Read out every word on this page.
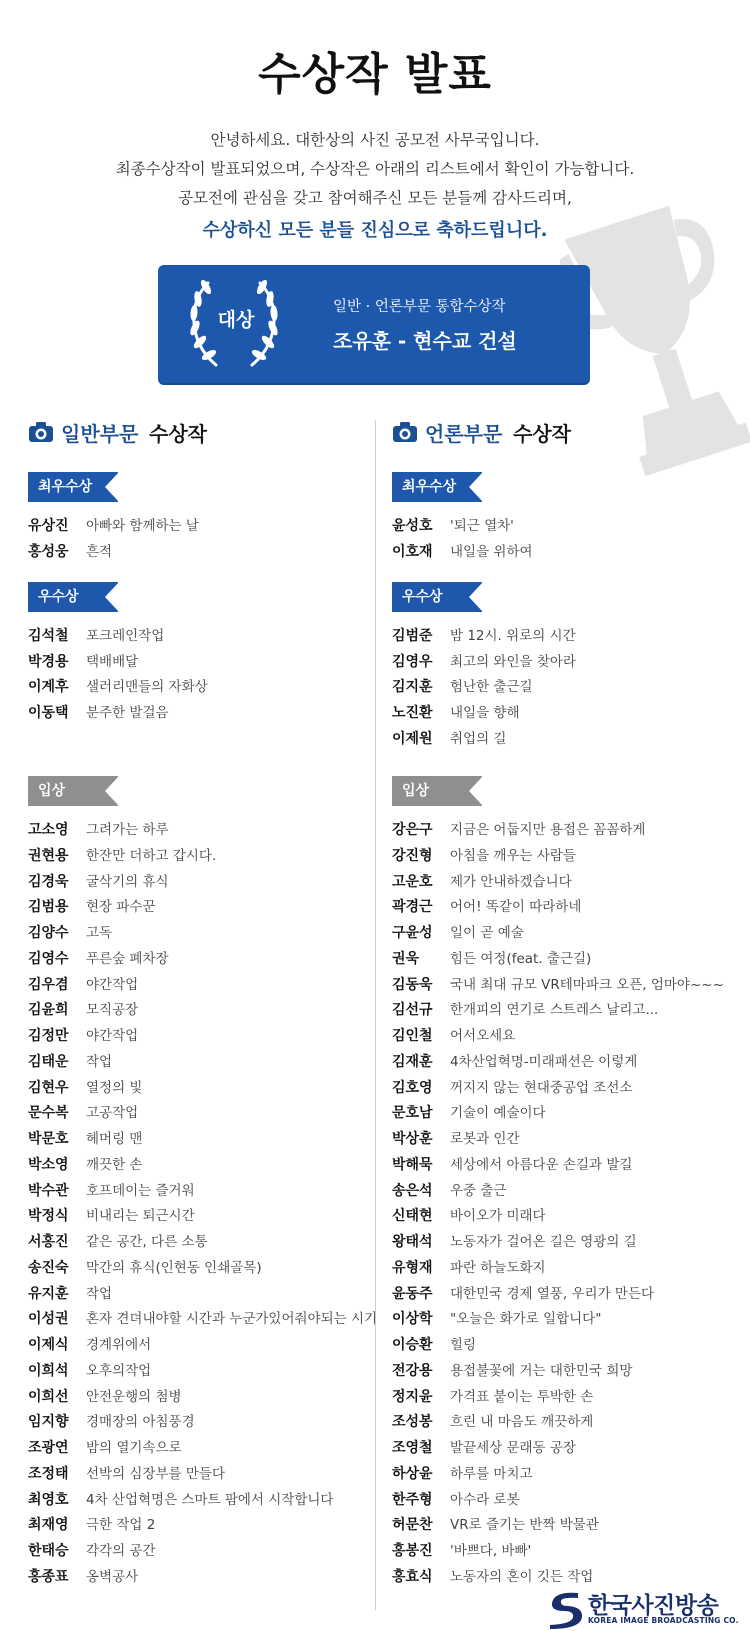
수상작 발표
안녕하세요. 대한상의 사진 공모전 사무국입니다.
최종수상작이 발표되었으며, 수상작은 아래의 리스트에서 확인이 가능합니다.
공모전에 관심을 갖고 참여해주신 모든 분들께 감사드리며,
수상하신 모든 분들 진심으로 축하드립니다.
대상
일반 · 언론부문 통합수상작
조유훈 - 현수교 건설
일반부문 수상작
최우수상
유상진 아빠와 함께하는 날
홍성웅 흔적
우수상
김석철 포크레인작업
박경용 택배배달
이계후 샐러리맨들의 자화상
이동택 분주한 발걸음
입상
고소영 그려가는 하루
권현용 한잔만 더하고 갑시다.
김경욱 굴삭기의 휴식
김범용 현장 파수꾼
김양수 고독
김영수 푸른숲 폐차장
김우겸 야간작업
김윤희 모직공장
김정만 야간작업
김태운 작업
김현우 열정의 빛
문수복 고공작업
박문호 헤머링 맨
박소영 깨끗한 손
박수관 호프데이는 즐거워
박정식 비내리는 퇴근시간
서홍진 같은 공간, 다른 소통
송진숙 막간의 휴식(인현동 인쇄골목)
유지훈 작업
이성권 혼자 견뎌내야할 시간과 누군가있어줘야되는 시기
이제식 경계위에서
이희석 오후의작업
이희선 안전운행의 첨병
임지향 경매장의 아침풍경
조광연 밤의 열기속으로
조정태 선박의 심장부를 만들다
최영호 4차 산업혁명은 스마트 팜에서 시작합니다
최재영 극한 작업 2
한태승 각각의 공간
홍종표 옹벽공사
언론부문 수상작
최우수상
윤성호 '퇴근 열차'
이호재 내일을 위하여
우수상
김범준 밤 12시. 위로의 시간
김영우 최고의 와인을 찾아라
김지훈 험난한 출근길
노진환 내일을 향해
이제원 취업의 길
입상
강은구 지금은 어둡지만 용접은 꼼꼼하게
강진형 아침을 깨우는 사람들
고운호 제가 안내하겠습니다
곽경근 어어! 똑같이 따라하네
구윤성 일이 곧 예술
권욱 힘든 여정(feat. 출근길)
김동욱 국내 최대 규모 VR테마파크 오픈, 엄마야~~~
김선규 한개피의 연기로 스트레스 날리고...
김인철 어서오세요
김재훈 4차산업혁명-미래패션은 이렇게
김호영 꺼지지 않는 현대중공업 조선소
문호남 기술이 예술이다
박상훈 로봇과 인간
박해묵 세상에서 아름다운 손길과 발길
송은석 우중 출근
신태현 바이오가 미래다
왕태석 노동자가 걸어온 길은 영광의 길
유형재 파란 하늘도화지
윤동주 대한민국 경제 열풍, 우리가 만든다
이상학 "오늘은 화가로 일합니다"
이승환 힐링
전강용 용접불꽃에 거는 대한민국 희망
정지윤 가격표 붙이는 투박한 손
조성봉 흐린 내 마음도 깨끗하게
조영철 발끝세상 문래동 공장
하상윤 하루를 마치고
한주형 아수라 로봇
허문찬 VR로 즐기는 반짝 박물관
홍봉진 '바쁘다, 바빠'
홍효식 노동자의 혼이 깃든 작업
한국사진방송
KOREA IMAGE BROADCASTING CO.
